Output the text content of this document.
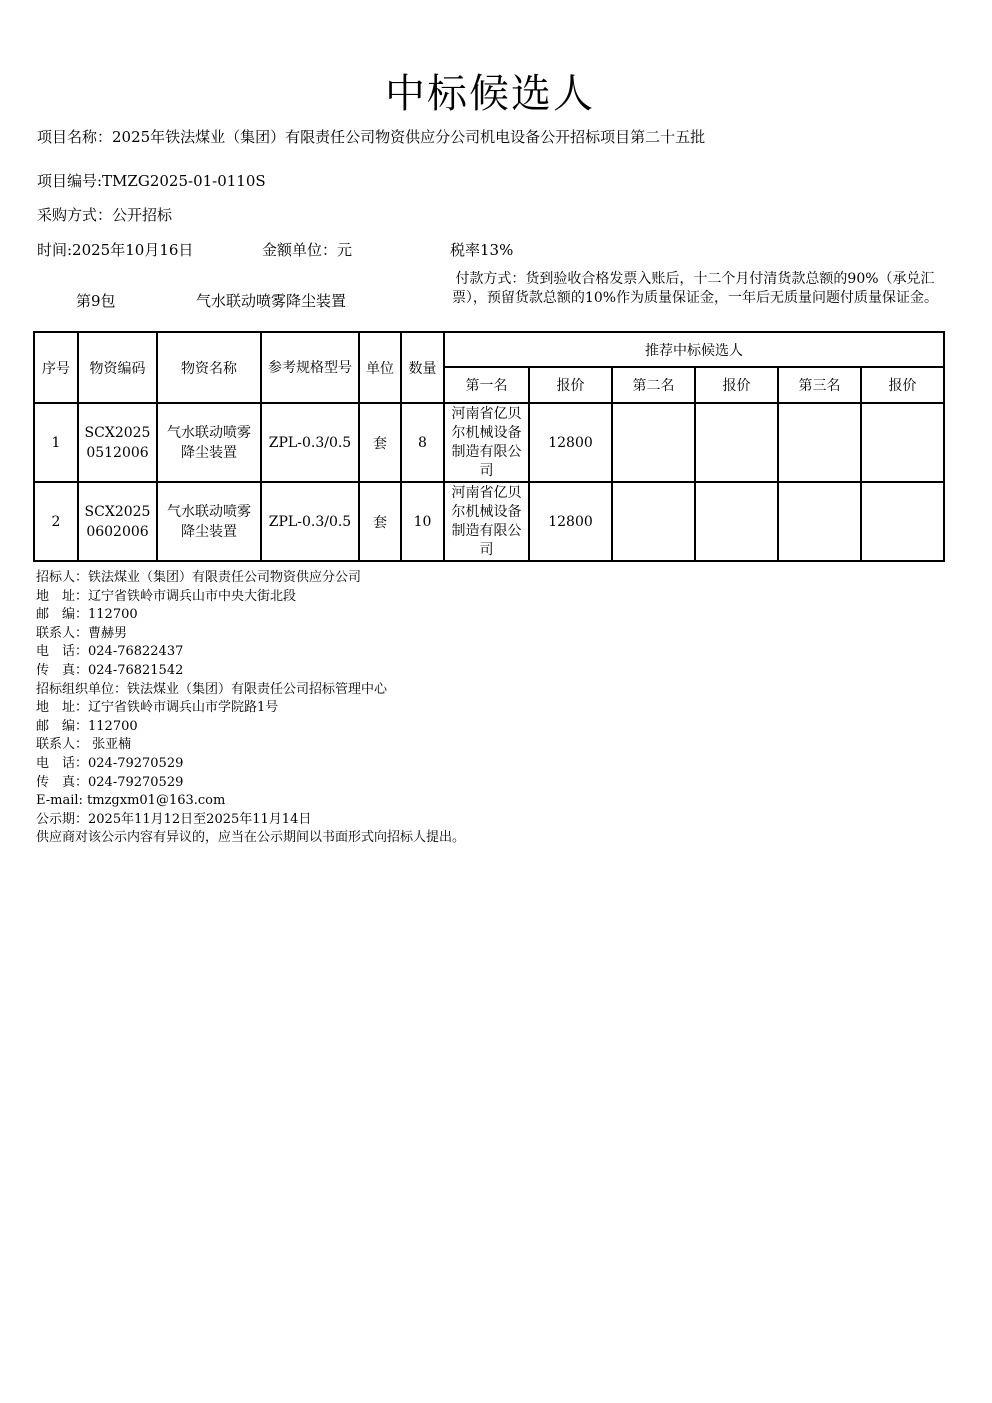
中标候选人
项目名称：2025年铁法煤业（集团）有限责任公司物资供应分公司机电设备公开招标项目第二十五批
项目编号:TMZG2025-01-0110S
采购方式：公开招标
时间:2025年10月16日	金额单位：元	税率13%
第9包	气水联动喷雾降尘装置
付款方式：货到验收合格发票入账后，十二个月付清货款总额的90%（承兑汇票），预留货款总额的10%作为质量保证金，一年后无质量问题付质量保证金。
序号	物资编码	物资名称	参考规格型号	单位	数量	推荐中标候选人					
						第一名	报价	第二名	报价	第三名	报价
1	SCX20250512006	气水联动喷雾降尘装置	ZPL-0.3/0.5	套	8	河南省亿贝尔机械设备制造有限公司	12800				
2	SCX20250602006	气水联动喷雾降尘装置	ZPL-0.3/0.5	套	10	河南省亿贝尔机械设备制造有限公司	12800				
招标人：铁法煤业（集团）有限责任公司物资供应分公司
地　址：辽宁省铁岭市调兵山市中央大街北段
邮　编：112700
联系人：曹赫男
电　话：024-76822437
传　真：024-76821542
招标组织单位：铁法煤业（集团）有限责任公司招标管理中心
地　址：辽宁省铁岭市调兵山市学院路1号
邮　编：112700
联系人： 张亚楠
电　话：024-79270529
传　真：024-79270529
E-mail: tmzgxm01@163.com
公示期：2025年11月12日至2025年11月14日
供应商对该公示内容有异议的，应当在公示期间以书面形式向招标人提出。
